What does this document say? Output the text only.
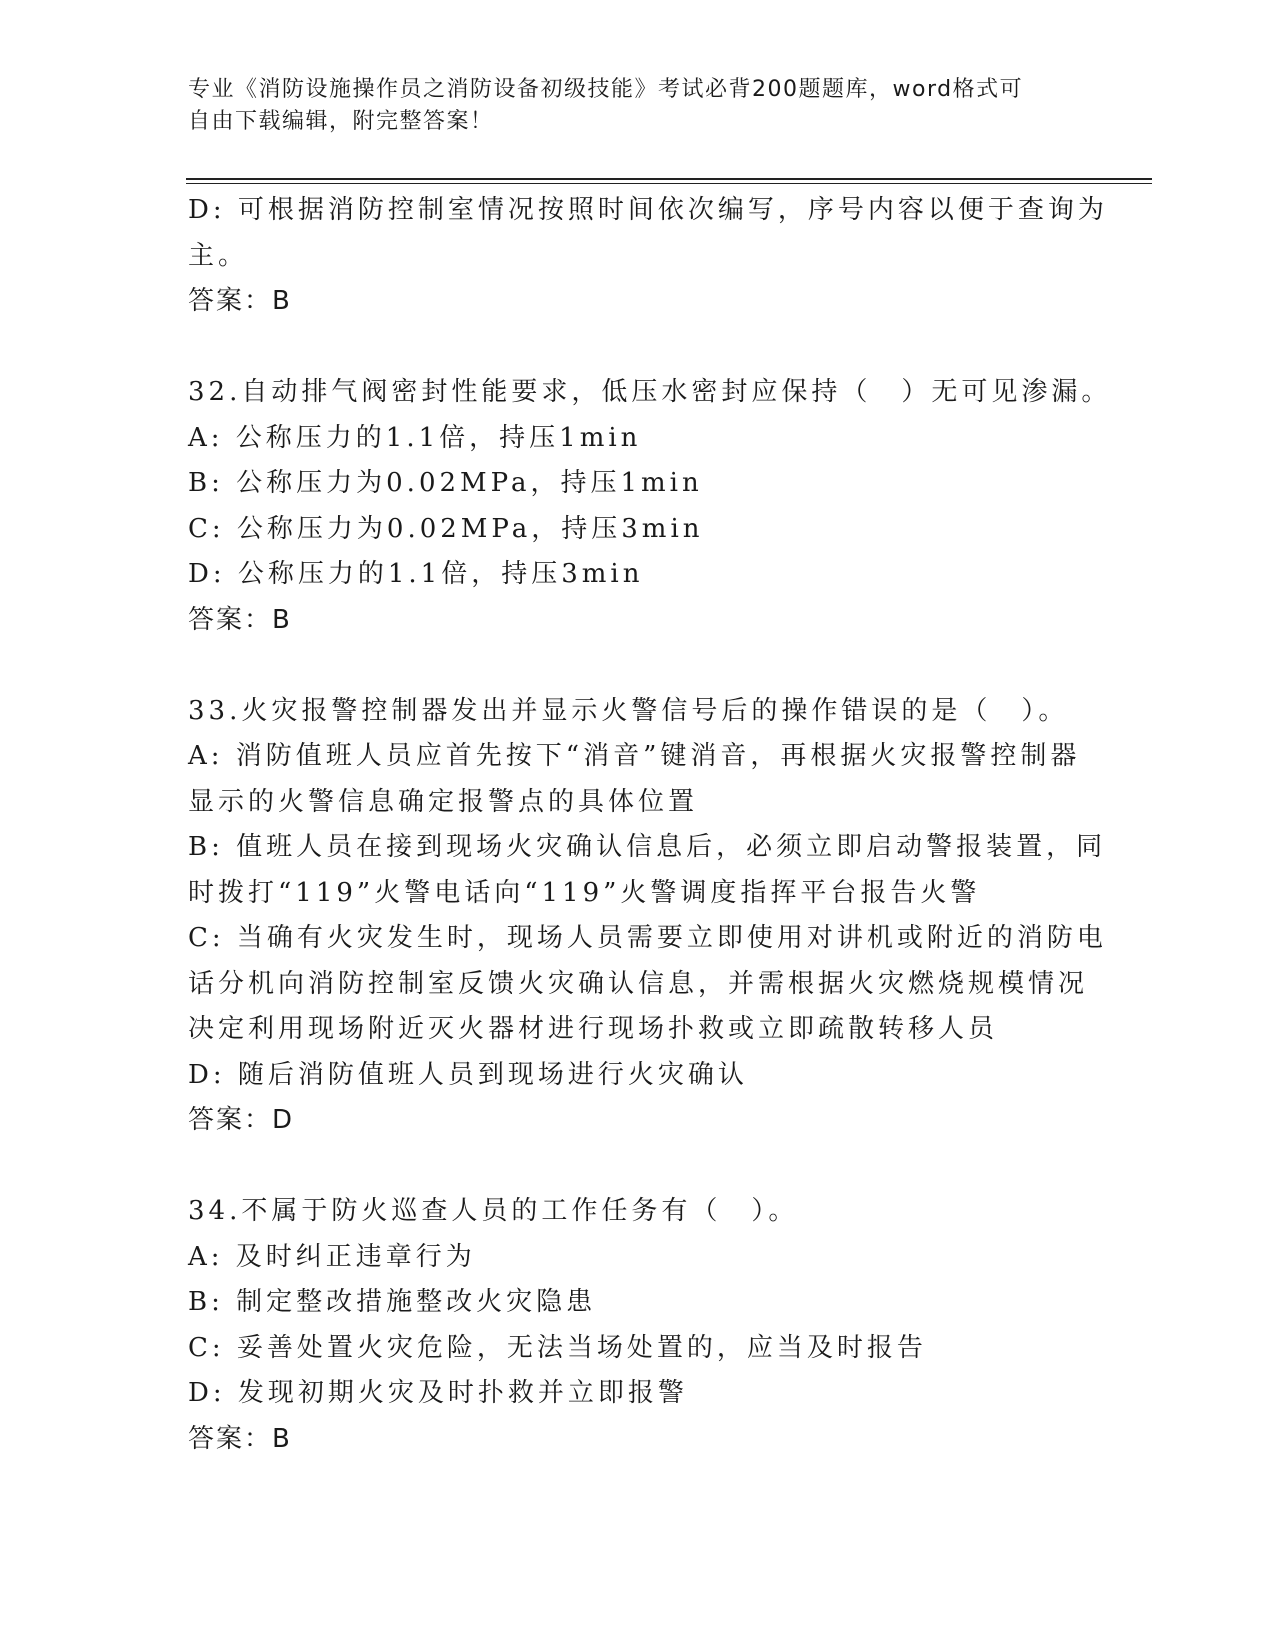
专业《消防设施操作员之消防设备初级技能》考试必背200题题库，word格式可
自由下载编辑，附完整答案！

D: 可根据消防控制室情况按照时间依次编写，序号内容以便于查询为

主。

答案：B

32.自动排气阀密封性能要求，低压水密封应保持（　）无可见渗漏。

A: 公称压力的1.1倍，持压1min

B: 公称压力为0.02MPa，持压1min

C: 公称压力为0.02MPa，持压3min

D: 公称压力的1.1倍，持压3min

答案：B

33.火灾报警控制器发出并显示火警信号后的操作错误的是（　）。

A: 消防值班人员应首先按下“消音”键消音，再根据火灾报警控制器

显示的火警信息确定报警点的具体位置

B: 值班人员在接到现场火灾确认信息后，必须立即启动警报装置，同

时拨打“119”火警电话向“119”火警调度指挥平台报告火警

C: 当确有火灾发生时，现场人员需要立即使用对讲机或附近的消防电

话分机向消防控制室反馈火灾确认信息，并需根据火灾燃烧规模情况

决定利用现场附近灭火器材进行现场扑救或立即疏散转移人员

D: 随后消防值班人员到现场进行火灾确认

答案：D

34.不属于防火巡查人员的工作任务有（　）。

A: 及时纠正违章行为

B: 制定整改措施整改火灾隐患

C: 妥善处置火灾危险，无法当场处置的，应当及时报告

D: 发现初期火灾及时扑救并立即报警

答案：B
